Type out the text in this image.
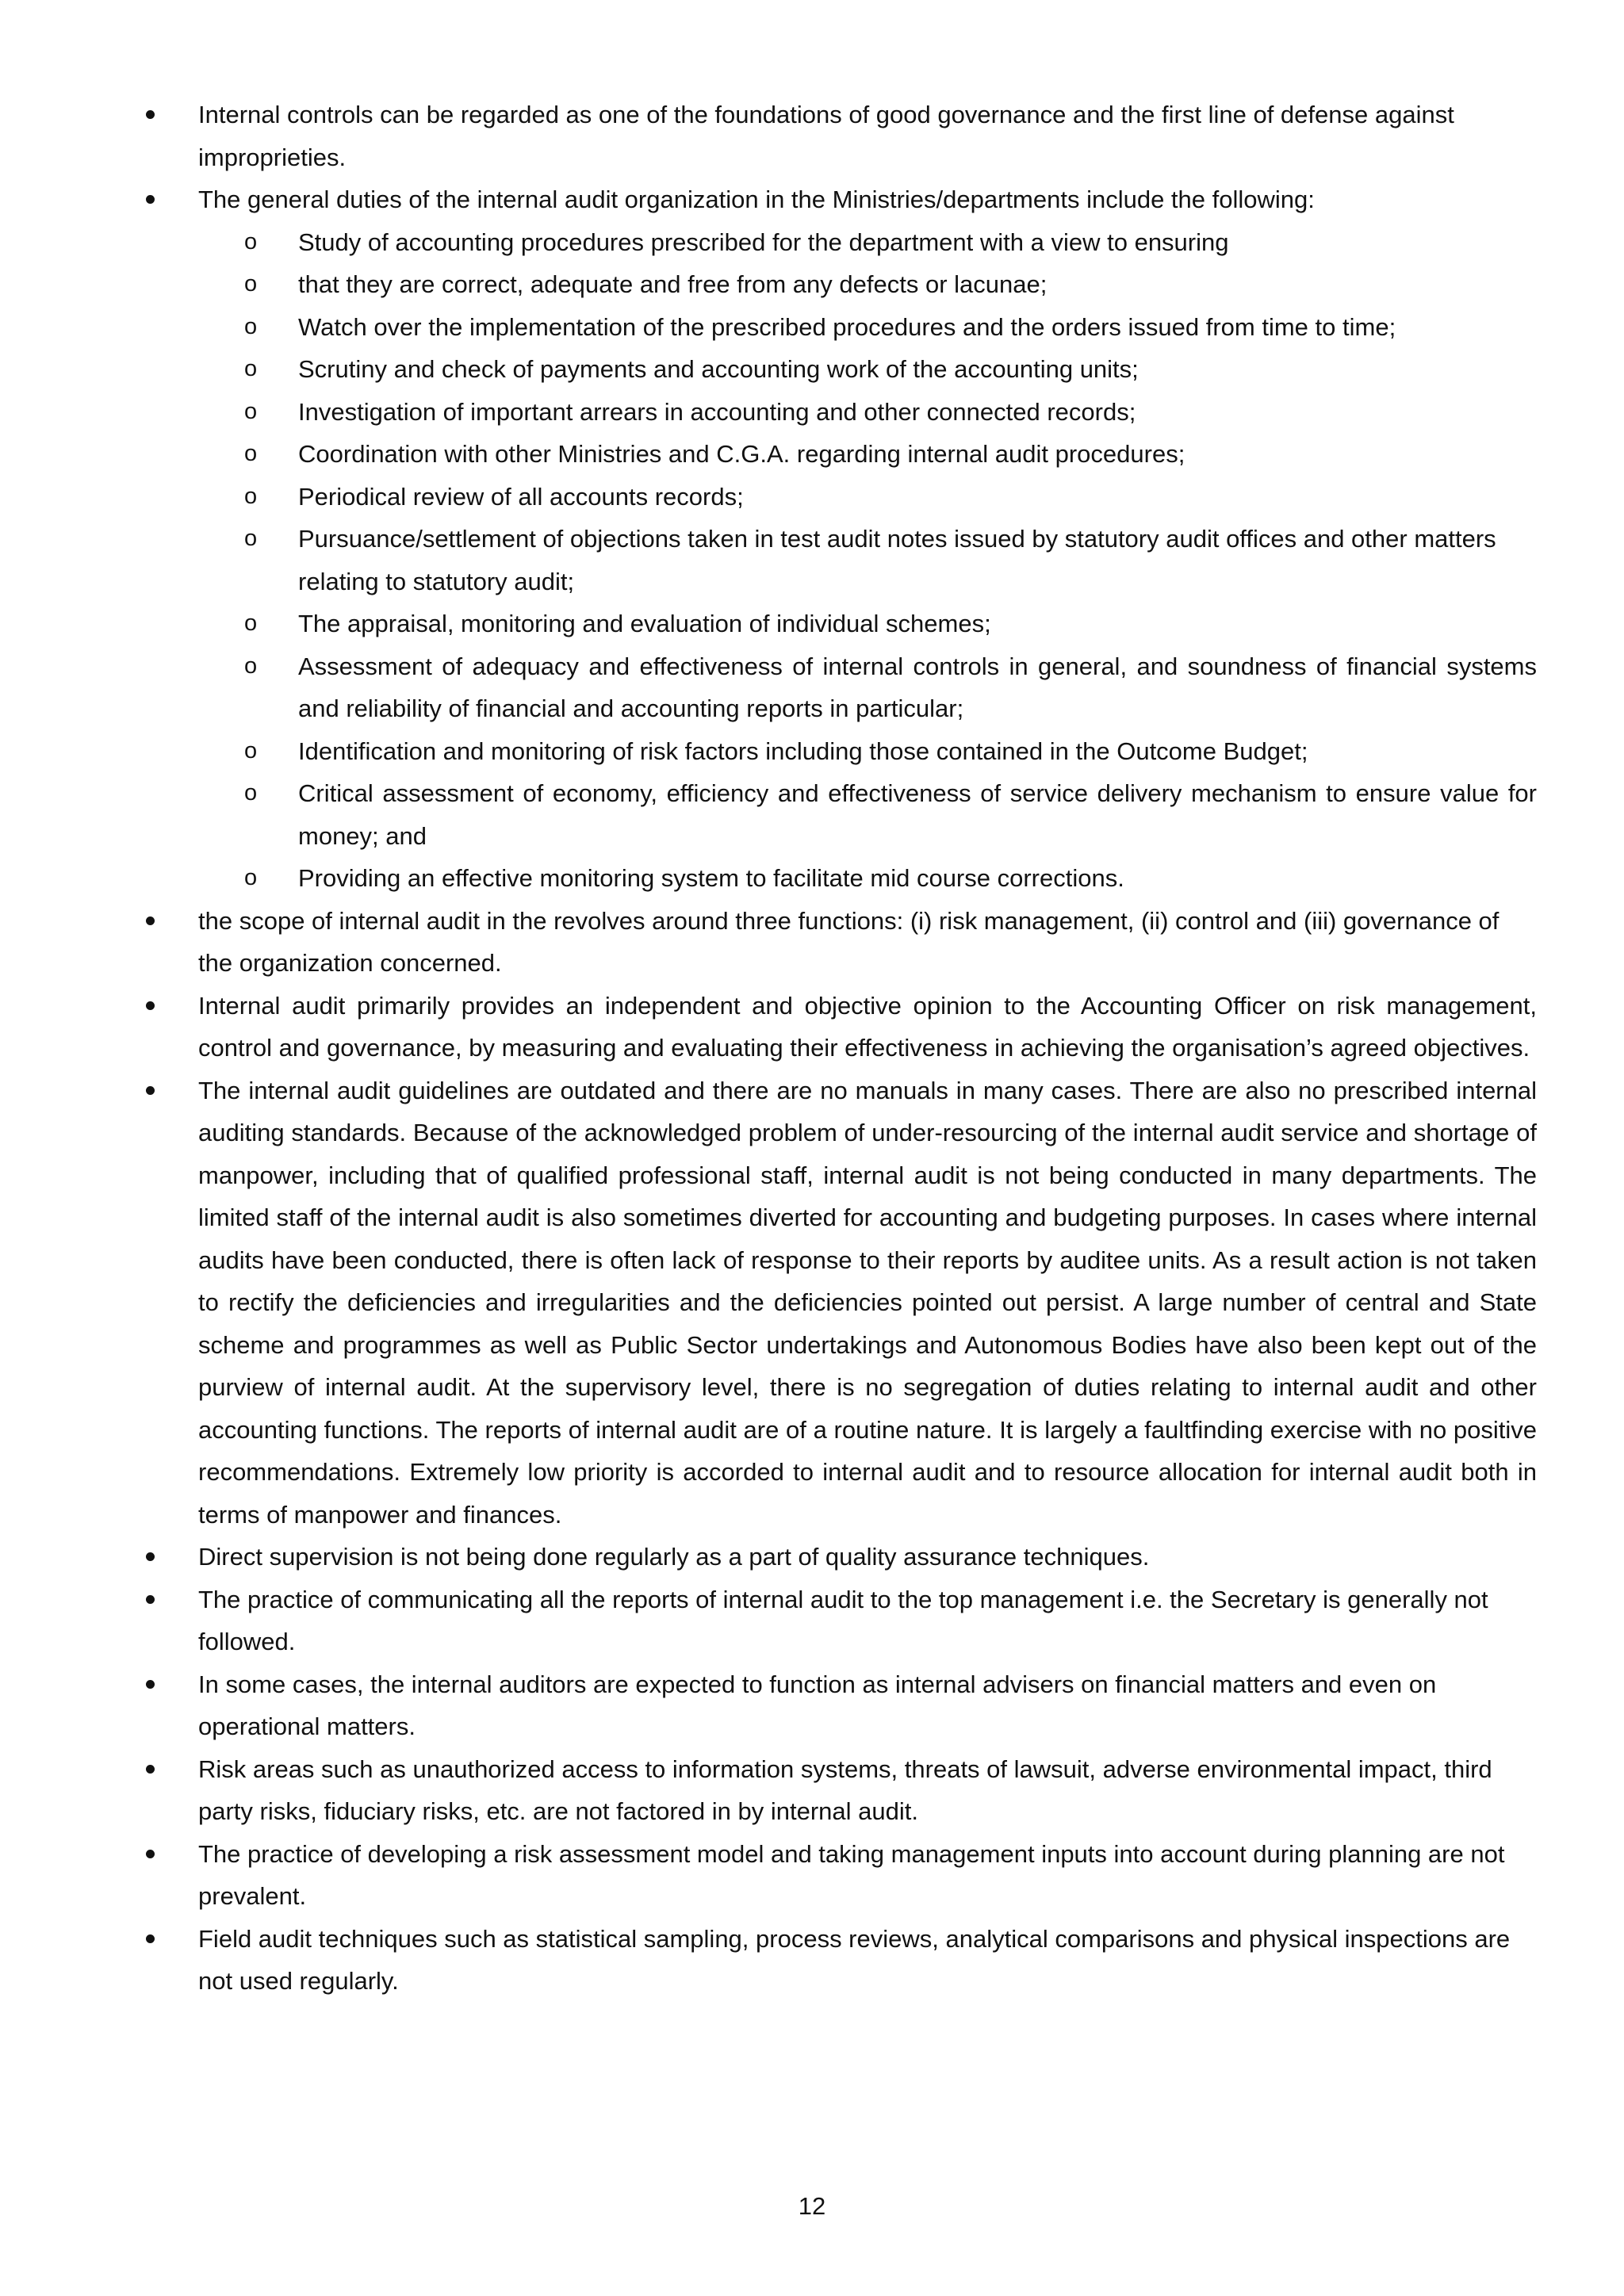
Internal controls can be regarded as one of the foundations of good governance and the first line of defense against improprieties.
The general duties of the internal audit organization in the Ministries/departments include the following:
o	Study of accounting procedures prescribed for the department with a view to ensuring
o	that they are correct, adequate and free from any defects or lacunae;
o	Watch over the implementation of the prescribed procedures and the orders issued from time to time;
o	Scrutiny and check of payments and accounting work of the accounting units;
o	Investigation of important arrears in accounting and other connected records;
o	Coordination with other Ministries and C.G.A. regarding internal audit procedures;
o	Periodical review of all accounts records;
o	Pursuance/settlement of objections taken in test audit notes issued by statutory audit offices and other matters relating to statutory audit;
o	The appraisal, monitoring and evaluation of individual schemes;
o	Assessment of adequacy and effectiveness of internal controls in general, and soundness of financial systems and reliability of financial and accounting reports in particular;
o	Identification and monitoring of risk factors including those contained in the Outcome Budget;
o	Critical assessment of economy, efficiency and effectiveness of service delivery mechanism to ensure value for money; and
o	Providing an effective monitoring system to facilitate mid course corrections.
the scope of internal audit in the revolves around three functions: (i) risk management, (ii) control and (iii) governance of the organization concerned.
Internal audit primarily provides an independent and objective opinion to the Accounting Officer on risk management, control and governance, by measuring and evaluating their effectiveness in achieving the organisation’s agreed objectives.
The internal audit guidelines are outdated and there are no manuals in many cases. There are also no prescribed internal auditing standards. Because of the acknowledged problem of under-resourcing of the internal audit service and shortage of manpower, including that of qualified professional staff, internal audit is not being conducted in many departments. The limited staff of the internal audit is also sometimes diverted for accounting and budgeting purposes. In cases where internal audits have been conducted, there is often lack of response to their reports by auditee units. As a result action is not taken to rectify the deficiencies and irregularities and the deficiencies pointed out persist. A large number of central and State scheme and programmes as well as Public Sector undertakings and Autonomous Bodies have also been kept out of the purview of internal audit. At the supervisory level, there is no segregation of duties relating to internal audit and other accounting functions. The reports of internal audit are of a routine nature. It is largely a faultfinding exercise with no positive recommendations. Extremely low priority is accorded to internal audit and to resource allocation for internal audit both in terms of manpower and finances.
Direct supervision is not being done regularly as a part of quality assurance techniques.
The practice of communicating all the reports of internal audit to the top management i.e. the Secretary is generally not followed.
In some cases, the internal auditors are expected to function as internal advisers on financial matters and even on operational matters.
Risk areas such as unauthorized access to information systems, threats of lawsuit, adverse environmental impact, third party risks, fiduciary risks, etc. are not factored in by internal audit.
The practice of developing a risk assessment model and taking management inputs into account during planning are not prevalent.
Field audit techniques such as statistical sampling, process reviews, analytical comparisons and physical inspections are not used regularly.
12
